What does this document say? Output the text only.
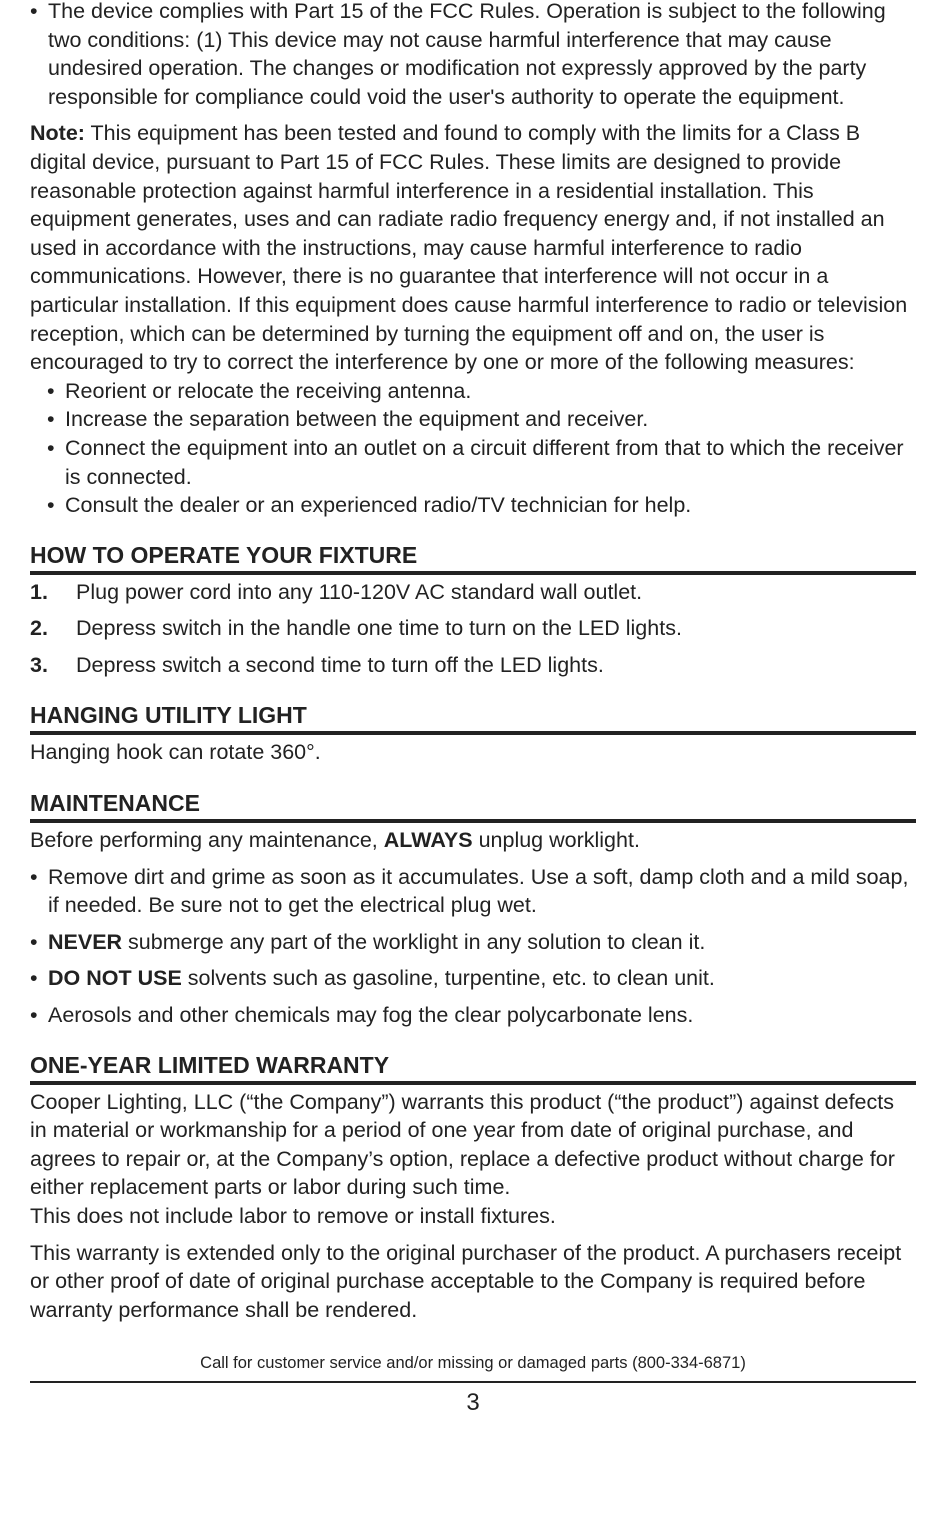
• The device complies with Part 15 of the FCC Rules. Operation is subject to the following two conditions: (1) This device may not cause harmful interference that may cause undesired operation. The changes or modification not expressly approved by the party responsible for compliance could void the user's authority to operate the equipment.

Note: This equipment has been tested and found to comply with the limits for a Class B digital device, pursuant to Part 15 of FCC Rules. These limits are designed to provide reasonable protection against harmful interference in a residential installation. This equipment generates, uses and can radiate radio frequency energy and, if not installed an used in accordance with the instructions, may cause harmful interference to radio communications. However, there is no guarantee that interference will not occur in a particular installation. If this equipment does cause harmful interference to radio or television reception, which can be determined by turning the equipment off and on, the user is encouraged to try to correct the interference by one or more of the following measures:

• Reorient or relocate the receiving antenna.
• Increase the separation between the equipment and receiver.
• Connect the equipment into an outlet on a circuit different from that to which the receiver is connected.
• Consult the dealer or an experienced radio/TV technician for help.
HOW TO OPERATE YOUR FIXTURE
1. Plug power cord into any 110-120V AC standard wall outlet.
2. Depress switch in the handle one time to turn on the LED lights.
3. Depress switch a second time to turn off the LED lights.
HANGING UTILITY LIGHT

Hanging hook can rotate 360°.

MAINTENANCE

Before performing any maintenance, ALWAYS unplug worklight.

• Remove dirt and grime as soon as it accumulates. Use a soft, damp cloth and a mild soap, if needed. Be sure not to get the electrical plug wet.
• NEVER submerge any part of the worklight in any solution to clean it.
• DO NOT USE solvents such as gasoline, turpentine, etc. to clean unit.
• Aerosols and other chemicals may fog the clear polycarbonate lens.
ONE-YEAR LIMITED WARRANTY

Cooper Lighting, LLC (“the Company”) warrants this product (“the product”) against defects in material or workmanship for a period of one year from date of original purchase, and agrees to repair or, at the Company’s option, replace a defective product without charge for either replacement parts or labor during such time.
This does not include labor to remove or install fixtures.

This warranty is extended only to the original purchaser of the product. A purchasers receipt or other proof of date of original purchase acceptable to the Company is required before warranty performance shall be rendered.

Call for customer service and/or missing or damaged parts (800-334-6871)
3
